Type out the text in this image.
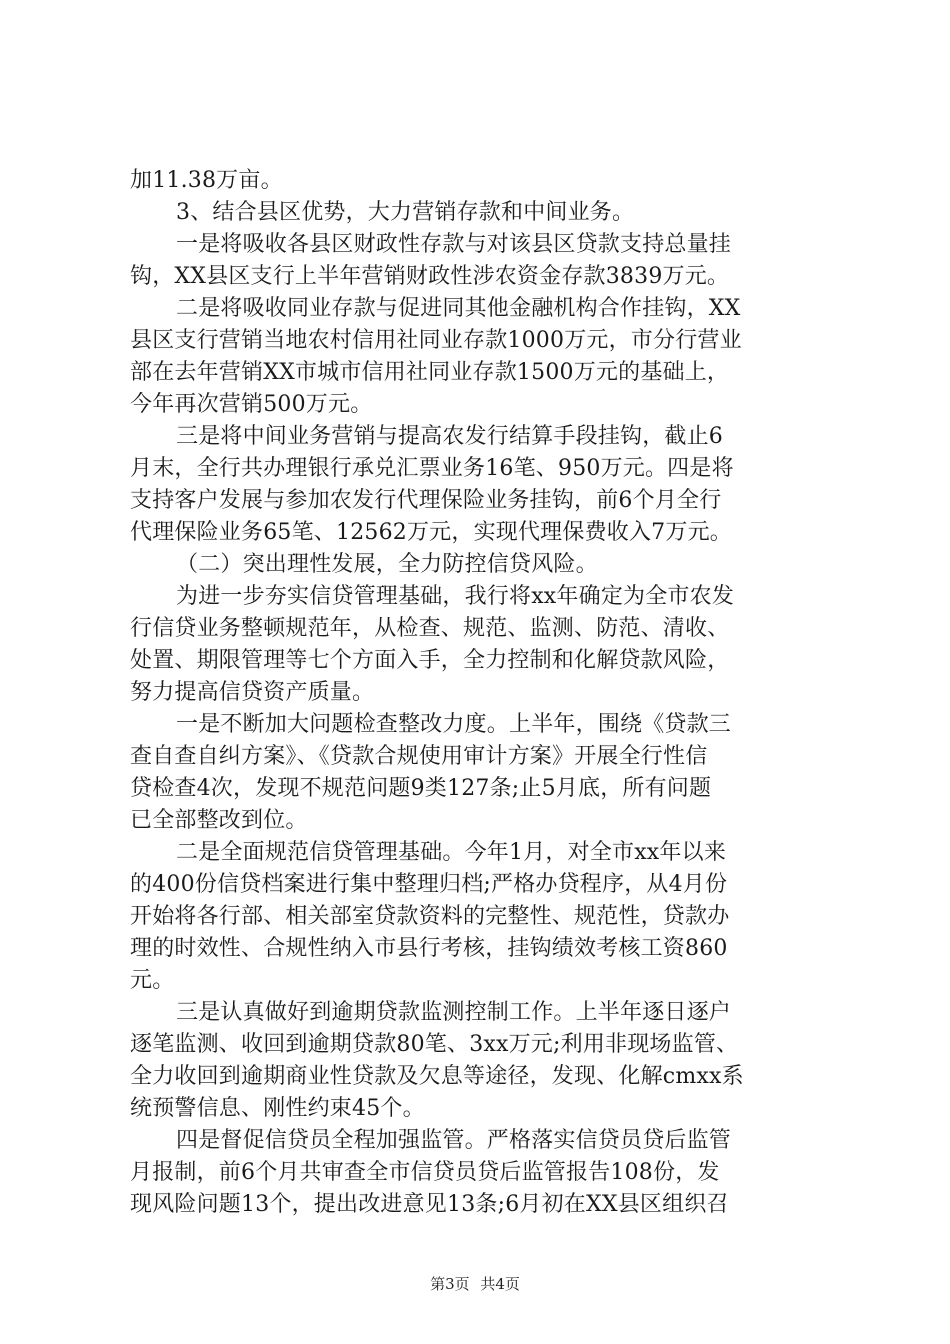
加11.38万亩。
3、结合县区优势，大力营销存款和中间业务。
一是将吸收各县区财政性存款与对该县区贷款支持总量挂
钩，XX县区支行上半年营销财政性涉农资金存款3839万元。
二是将吸收同业存款与促进同其他金融机构合作挂钩，XX
县区支行营销当地农村信用社同业存款1000万元，市分行营业
部在去年营销XX市城市信用社同业存款1500万元的基础上，
今年再次营销500万元。
三是将中间业务营销与提高农发行结算手段挂钩，截止6
月末，全行共办理银行承兑汇票业务16笔、950万元。四是将
支持客户发展与参加农发行代理保险业务挂钩，前6个月全行
代理保险业务65笔、12562万元，实现代理保费收入7万元。
（二）突出理性发展，全力防控信贷风险。
为进一步夯实信贷管理基础，我行将xx年确定为全市农发
行信贷业务整顿规范年，从检查、规范、监测、防范、清收、
处置、期限管理等七个方面入手，全力控制和化解贷款风险，
努力提高信贷资产质量。
一是不断加大问题检查整改力度。上半年，围绕《贷款三
查自查自纠方案》、《贷款合规使用审计方案》开展全行性信
贷检查4次，发现不规范问题9类127条;止5月底，所有问题
已全部整改到位。
二是全面规范信贷管理基础。今年1月，对全市xx年以来
的400份信贷档案进行集中整理归档;严格办贷程序，从4月份
开始将各行部、相关部室贷款资料的完整性、规范性，贷款办
理的时效性、合规性纳入市县行考核，挂钩绩效考核工资860
元。
三是认真做好到逾期贷款监测控制工作。上半年逐日逐户
逐笔监测、收回到逾期贷款80笔、3xx万元;利用非现场监管、
全力收回到逾期商业性贷款及欠息等途径，发现、化解cmxx系
统预警信息、刚性约束45个。
四是督促信贷员全程加强监管。严格落实信贷员贷后监管
月报制，前6个月共审查全市信贷员贷后监管报告108份，发
现风险问题13个，提出改进意见13条;6月初在XX县区组织召
第3页 共4页
